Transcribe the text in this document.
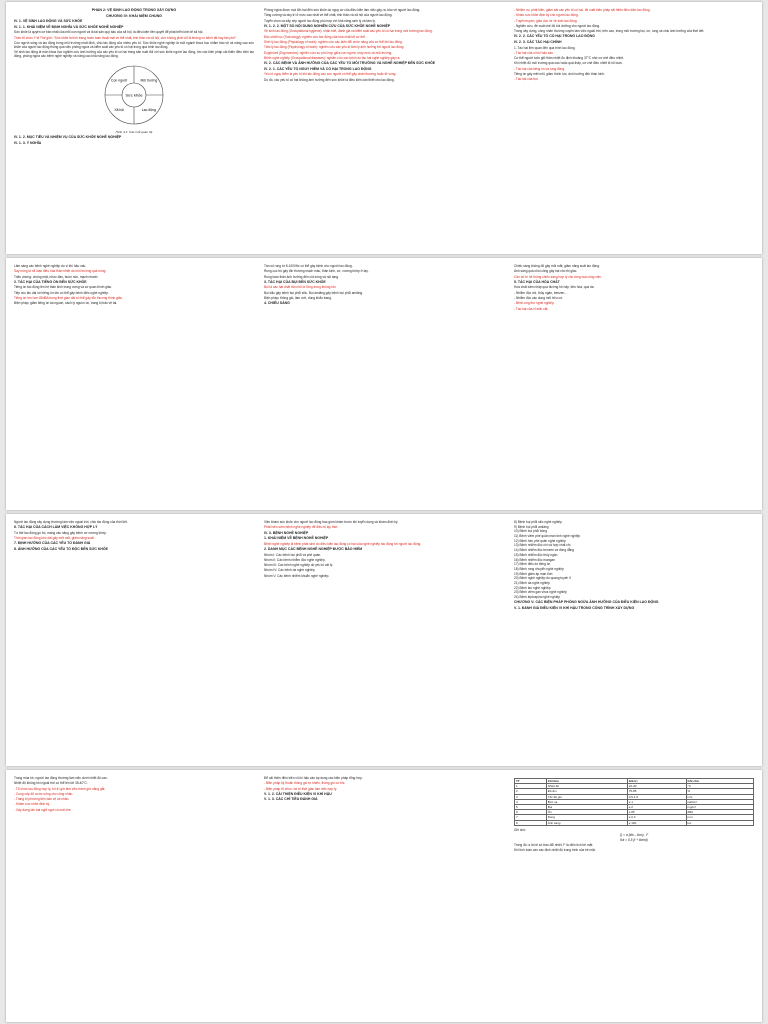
PHẦN 2: VỆ SINH LAO ĐỘNG TRONG XÂY DỰNG
CHƯƠNG IV: KHÁI NIỆM CHUNG
IV. 1. VỆ SINH LAO ĐỘNG VÀ SỨC KHỎE
IV. 1. 1. KHÁI NIỆM VỀ ĐỊNH NGHĨA VÀ SỨC KHỎE NGHỀ NGHIỆP

Sức khỏe là quyền cơ bản nhất của mỗi con người và là tài sản quý báu của xã hội, là điều kiện tiên quyết để phát triển kinh tế xã hội.

Theo tổ chức Y tế Thế giới: "Sức khỏe là tình trạng hoàn toàn thoải mái về thể chất, tinh thần và xã hội, chứ không phải chỉ là không có bệnh tật hay tàn phế".

Con người sống và lao động trong môi trường nhất định, chịu tác động của nhiều yếu tố. Sức khỏe nghề nghiệp là một ngành khoa học nhằm bảo vệ và nâng cao sức khỏe của người lao động thông qua việc phòng ngừa và kiểm soát các yếu tố có hại trong quá trình lao động.

Vệ sinh lao động là môn khoa học nghiên cứu ảnh hưởng của các yếu tố có hại trong sản xuất đối với sức khỏe người lao động, tìm các biện pháp cải thiện điều kiện lao động, phòng ngừa các bệnh nghề nghiệp và nâng cao khả năng lao động.

Sức khỏe
Môi trường
Lao động
Xã hội
Con người
Hình 4.1: Các mối quan hệ
IV. 1. 2. MỤC TIÊU VÀ NHIỆM VỤ CỦA SỨC KHỎE NGHỀ NGHIỆP
IV. 1. 3. Ý NGHĨA

Phòng ngừa được mọi tổn hại đến sức khỏe do nguy cơ của điều kiện làm việc gây ra, bảo vệ người lao động.

Tăng cường và duy trì ở mức cao nhất về thể chất, tinh thần và xã hội của người lao động.

Tuyển chọn và sắp xếp người lao động phù hợp với khả năng sinh lý và tâm lý.

IV. 1. 2. 2. MỘT SỐ NỘI DUNG NGHIÊN CỨU CỦA SỨC KHỎE NGHỀ NGHIỆP

Vệ sinh lao động (Occupational hygiene): nhận biết, đánh giá và kiểm soát các yếu tố có hại trong môi trường lao động.

Độc chất học (Toxicology): nghiên cứu tác động của hóa chất tới cơ thể.

Sinh lý lao động (Physiology of work): nghiên cứu các biến đổi chức năng của cơ thể khi lao động.

Tâm lý lao động (Psychology of work): nghiên cứu các yếu tố tâm lý ảnh hưởng tới người lao động.

Ecgônômi (Ergonomics): nghiên cứu sự phù hợp giữa con người, máy móc và môi trường.

Bệnh nghề nghiệp (Occupational diseases): nghiên cứu các bệnh do tác hại nghề nghiệp gây ra.

IV. 2. CÁC BỆNH VÀ ẢNH HƯỞNG CỦA CÁC YẾU TỐ MÔI TRƯỜNG VÀ NGHỀ NGHIỆP ĐẾN SỨC KHỎE
IV. 2. 1. CÁC YẾU TỐ NGUY HIỂM VÀ CÓ HẠI TRONG LAO ĐỘNG

Yếu tố nguy hiểm là yếu tố khi tác động vào con người có thể gây chấn thương hoặc tử vong.

Do đó, các yếu tố có hại không ảnh hưởng đến sức khỏe là điều kiện cần thiết cho lao động.

- Nhiệm vụ: phát hiện, giám sát các yếu tố có hại, đề xuất biện pháp cải thiện điều kiện lao động.

- Khám sức khỏe định kỳ cho người lao động.

- Tuyên truyền, giáo dục về vệ sinh lao động.

- Nghiên cứu, đề xuất chế độ bồi dưỡng cho người lao động.

Trong xây dựng, công nhân thường xuyên làm việc ngoài trời, trên cao, trong môi trường bụi, ồn, rung và chịu ảnh hưởng của thời tiết.

IV. 2. 2. CÁC YẾU TỐ CÓ HẠI TRONG LAO ĐỘNG
IV. 2. 3. CÁC TÁC HẠI CHÍNH

1. Tác hại liên quan đến quá trình lao động.

- Tác hại của vi khí hậu xấu.

Cơ thể người luôn giữ thân nhiệt ổn định khoảng 37°C nhờ cơ chế điều nhiệt.

Khi nhiệt độ môi trường quá cao hoặc quá thấp, cơ chế điều nhiệt bị rối loạn.

- Tác hại của tiếng ồn và rung động.

Tiếng ồn gây mệt mỏi, giảm thính lực, ảnh hưởng đến thần kinh.

- Tác hại của bụi.

Lâm sàng các bệnh nghề nghiệp do vi khí hậu xấu.

Say nóng là rối loạn điều hòa thân nhiệt do môi trường quá nóng.

Triệu chứng: chóng mặt, nhức đầu, buồn nôn, mạch nhanh.

2. TÁC HẠI CỦA TIẾNG ỒN ĐẾN SỨC KHỎE

Tiếng ồn tác động lên hệ thần kinh trung ương và cơ quan thính giác.

Tiếp xúc lâu dài với tiếng ồn lớn có thể gây bệnh điếc nghề nghiệp.

Tiếng ồn lớn hơn 85dBA trong thời gian dài có thể gây tổn thương thính giác.

Biện pháp: giảm tiếng ồn tại nguồn, cách ly nguồn ồn, trang bị bảo vệ tai.

Tần số rung từ 8-1000Hz có thể gây bệnh cho người lao động.

Rung cục bộ gây tổn thương mạch máu, thần kinh, cơ, xương khớp ở tay.

Rung toàn thân ảnh hưởng đến cột sống và nội tạng.

3. TÁC HẠI CỦA BỤI ĐẾN SỨC KHỎE

Bụi là các hạt chất rắn nhỏ lơ lửng trong không khí.

Bụi silic gây bệnh bụi phổi silic. Bụi amiăng gây bệnh bụi phổi amiăng.

Biện pháp: thông gió, làm ướt, dùng khẩu trang.

4. CHIẾU SÁNG

Chiếu sáng không đủ gây mỏi mắt, giảm năng suất lao động.

Ánh sáng quá chói cũng gây hại cho thị giác.

Cần bố trí hệ thống chiếu sáng hợp lý cho từng loại công việc.

5. TÁC HẠI CỦA HÓA CHẤT

Hóa chất xâm nhập qua đường hô hấp, tiêu hóa, qua da.

- Nhiễm độc chì, thủy ngân, benzen...

- Nhiễm độc các dung môi hữu cơ.

- Bệnh ung thư nghề nghiệp.

- Tác hại của vi sinh vật.

Người lao động xây dựng thường làm việc ngoài trời, chịu tác động của thời tiết.

6. TÁC HẠI CỦA CÁCH LÀM VIỆC KHÔNG HỢP LÝ

Tư thế lao động gò bó, mang vác nặng gây bệnh cơ xương khớp.

Thời gian lao động kéo dài gây mệt mỏi, giảm năng suất.

7. ĐỊNH HƯỚNG CỦA CÁC YẾU TỐ ĐÁNH GIÁ
8. ẢNH HƯỞNG CỦA CÁC YẾU TỐ ĐỘC ĐẾN SỨC KHỎE

Việc khám sức khỏe cho người lao động bao gồm khám trước khi tuyển dụng và khám định kỳ.

Phát hiện sớm bệnh nghề nghiệp để điều trị kịp thời.

IV. 3. BỆNH NGHỀ NGHIỆP
1. KHÁI NIỆM VỀ BỆNH NGHỀ NGHIỆP

Bệnh nghề nghiệp là bệnh phát sinh do điều kiện lao động có hại của nghề nghiệp tác động tới người lao động.

2. DANH MỤC CÁC BỆNH NGHỀ NGHIỆP ĐƯỢC BẢO HIỂM

Nhóm I: Các bệnh bụi phổi và phế quản.

Nhóm II: Các bệnh nhiễm độc nghề nghiệp.

Nhóm III: Các bệnh nghề nghiệp do yếu tố vật lý.

Nhóm IV: Các bệnh da nghề nghiệp.

Nhóm V: Các bệnh nhiễm khuẩn nghề nghiệp.

8) Bệnh bụi phổi silic nghề nghiệp
9) Bệnh bụi phổi amiăng
10) Bệnh bụi phổi bông
11) Bệnh viêm phế quản mạn tính nghề nghiệp
12) Bệnh hen phế quản nghề nghiệp
13) Bệnh nhiễm độc chì và hợp chất chì
14) Bệnh nhiễm độc benzen và đồng đẳng
15) Bệnh nhiễm độc thủy ngân
16) Bệnh nhiễm độc mangan
17) Bệnh điếc do tiếng ồn
18) Bệnh rung chuyển nghề nghiệp
19) Bệnh giảm áp mạn tính
20) Bệnh nghề nghiệp do quang tuyến X
21) Bệnh da nghề nghiệp
22) Bệnh lao nghề nghiệp
23) Bệnh viêm gan virus nghề nghiệp
24) Bệnh leptospira nghề nghiệp
CHƯƠNG V: CÁC BIỆN PHÁP PHÒNG NGỪA ẢNH HƯỞNG CỦA ĐIỀU KIỆN LAO ĐỘNG
V. 1. ĐÁNH GIÁ ĐIỀU KIỆN VI KHÍ HẬU TRONG CÔNG TRÌNH XÂY DỰNG

Trong mùa hè, người lao động thường làm việc dưới nhiệt độ cao.

Nhiệt độ không khí ngoài trời có thể lên tới 35-40°C.

- Tổ chức lao động hợp lý, bố trí giờ làm việc tránh giờ nắng gắt.

- Cung cấp đủ nước uống cho công nhân.

- Trang bị phương tiện bảo vệ cá nhân.

- Khám sức khỏe định kỳ.

- Xây dựng lán trại nghỉ ngơi có mái che.

Để cải thiện điều kiện vi khí hậu cần áp dụng các biện pháp tổng hợp.

- Biện pháp kỹ thuật: thông gió tự nhiên, thông gió cơ khí.

- Biện pháp tổ chức: bố trí thời gian làm việc hợp lý.

V. 1. 2. CẢI THIỆN ĐIỀU KIỆN VI KHÍ HẬU
V. 1. 3. CÁC CHỈ TIÊU ĐÁNH GIÁ
TT	Chỉ tiêu	Giá trị	Ghi chú
1	Nhiệt độ	22-30	°C
2	Độ ẩm	75-85	%
3	Tốc độ gió	0,5-1,5	m/s
4	Bức xạ	≤ 1	cal/cm²
5	Bụi	≤ 2	mg/m³
6	Ồn	≤ 85	dBA
7	Rung	≤ 0,3	mm
8	Ánh sáng	≥ 100	lux

Ghi chú:

Q = α (tkk – tbm) . F
tkk = 0,5 (t + tbxhd)

Trong đó: α là hệ số trao đổi nhiệt, F là diện tích bề mặt.

Khi tính toán cần xác định nhiệt độ trung bình của bề mặt.
